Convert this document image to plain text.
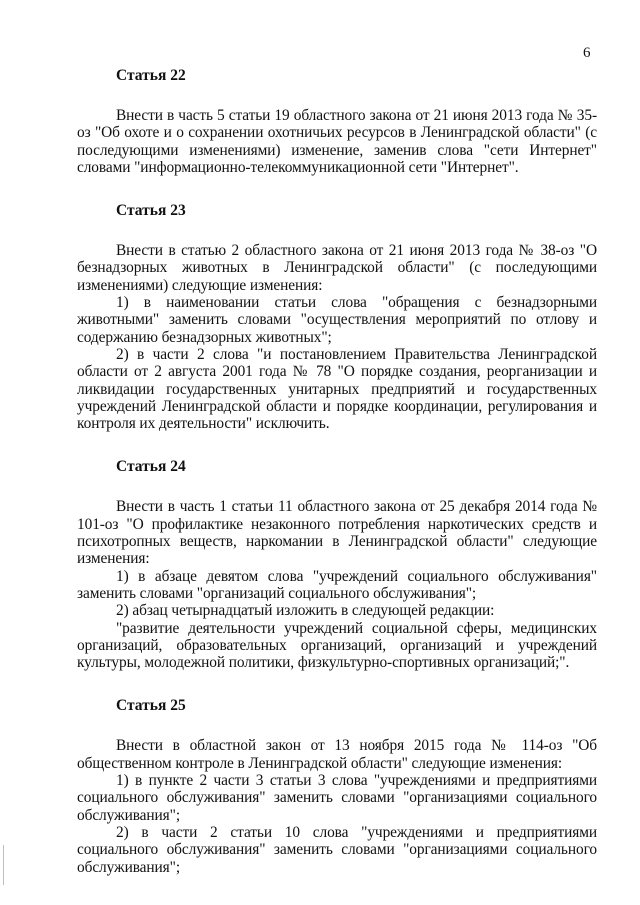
6
Статья 22

Внести в часть 5 статьи 19 областного закона от 21 июня 2013 года № 35-оз "Об охоте и о сохранении охотничьих ресурсов в Ленинградской области" (с последующими изменениями) изменение, заменив слова "сети Интернет" словами "информационно-телекоммуникационной сети "Интернет".

Статья 23

Внести в статью 2 областного закона от 21 июня 2013 года № 38-оз "О безнадзорных животных в Ленинградской области" (с последующими изменениями) следующие изменения:

1) в наименовании статьи слова "обращения с безнадзорными животными" заменить словами "осуществления мероприятий по отлову и содержанию безнадзорных животных";

2) в части 2 слова "и постановлением Правительства Ленинградской области от 2 августа 2001 года № 78 "О порядке создания, реорганизации и ликвидации государственных унитарных предприятий и государственных учреждений Ленинградской области и порядке координации, регулирования и контроля их деятельности" исключить.

Статья 24

Внести в часть 1 статьи 11 областного закона от 25 декабря 2014 года № 101-оз "О профилактике незаконного потребления наркотических средств и психотропных веществ, наркомании в Ленинградской области" следующие изменения:

1) в абзаце девятом слова "учреждений социального обслуживания" заменить словами "организаций социального обслуживания";

2) абзац четырнадцатый изложить в следующей редакции:

"развитие деятельности учреждений социальной сферы, медицинских организаций, образовательных организаций, организаций и учреждений культуры, молодежной политики, физкультурно-спортивных организаций;".

Статья 25

Внести в областной закон от 13 ноября 2015 года № 114-оз "Об общественном контроле в Ленинградской области" следующие изменения:

1) в пункте 2 части 3 статьи 3 слова "учреждениями и предприятиями социального обслуживания" заменить словами "организациями социального обслуживания";

2) в части 2 статьи 10 слова "учреждениями и предприятиями социального обслуживания" заменить словами "организациями социального обслуживания";
